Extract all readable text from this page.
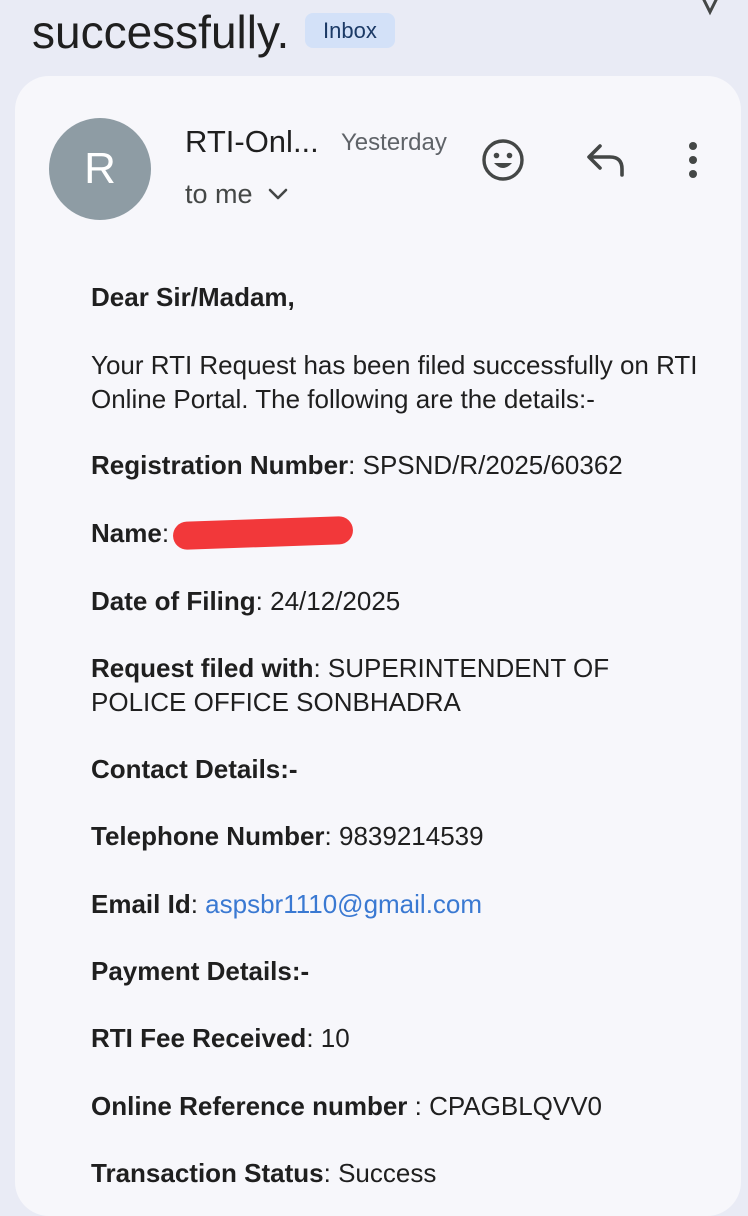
successfully.	Inbox
R
RTI-Onl... Yesterday
to me
Dear Sir/Madam,
Your RTI Request has been filed successfully on RTI Online Portal. The following are the details:-
Registration Number: SPSND/R/2025/60362
Name:
Date of Filing: 24/12/2025
Request filed with: SUPERINTENDENT OF POLICE OFFICE SONBHADRA
Contact Details:-
Telephone Number: 9839214539
Email Id: aspsbr1110@gmail.com
Payment Details:-
RTI Fee Received: 10
Online Reference number : CPAGBLQVV0
Transaction Status: Success
